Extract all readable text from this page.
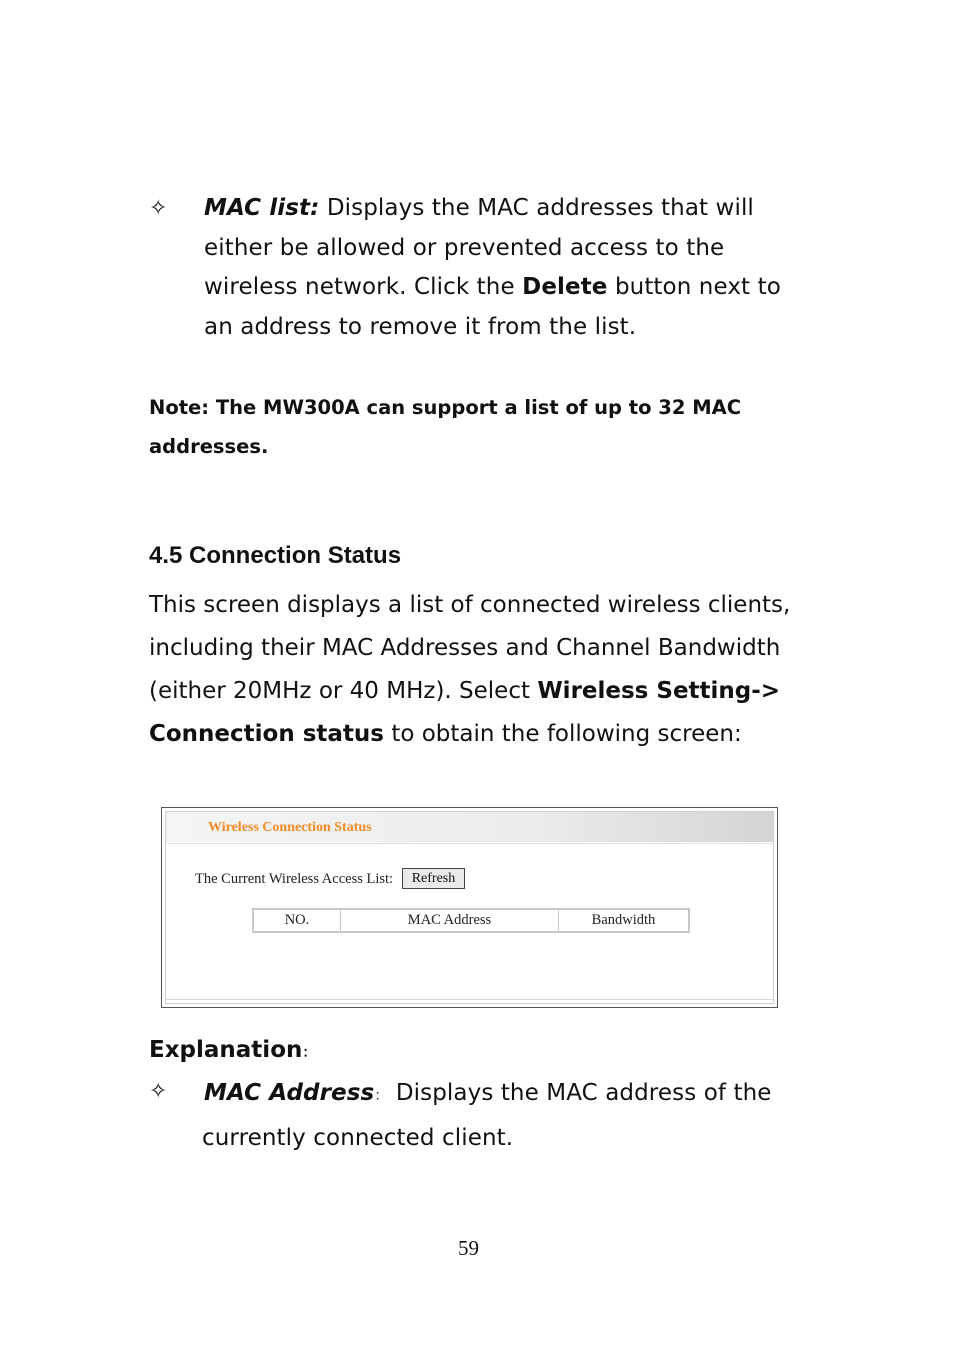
✧ MAC list: Displays the MAC addresses that will
either be allowed or prevented access to the
wireless network. Click the Delete button next to
an address to remove it from the list.
Note: The MW300A can support a list of up to 32 MAC
addresses.
4.5 Connection Status
This screen displays a list of connected wireless clients,
including their MAC Addresses and Channel Bandwidth
(either 20MHz or 40 MHz). Select Wireless Setting->
Connection status to obtain the following screen:
Wireless Connection Status
The Current Wireless Access List:	Refresh
NO.	MAC Address	Bandwidth
Explanation：
✧ MAC Address： Displays the MAC address of the
currently connected client.
59
